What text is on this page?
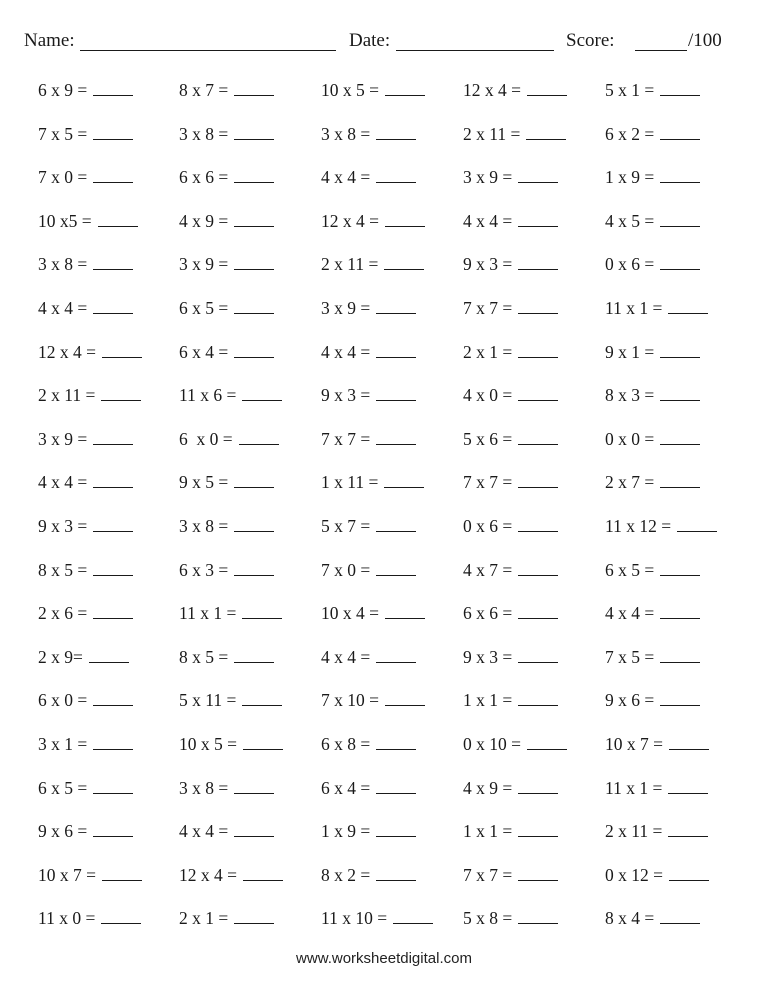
Name:	Date:	Score:	/100
6 x 9 =	8 x 7 =	10 x 5 =	12 x 4 =	5 x 1 =
7 x 5 =	3 x 8 =	3 x 8 =	2 x 11 =	6 x 2 =
7 x 0 =	6 x 6 =	4 x 4 =	3 x 9 =	1 x 9 =
10 x5 =	4 x 9 =	12 x 4 =	4 x 4 =	4 x 5 =
3 x 8 =	3 x 9 =	2 x 11 =	9 x 3 =	0 x 6 =
4 x 4 =	6 x 5 =	3 x 9 =	7 x 7 =	11 x 1 =
12 x 4 =	6 x 4 =	4 x 4 =	2 x 1 =	9 x 1 =
2 x 11 =	11 x 6 =	9 x 3 =	4 x 0 =	8 x 3 =
3 x 9 =	6  x 0 =	7 x 7 =	5 x 6 =	0 x 0 =
4 x 4 =	9 x 5 =	1 x 11 =	7 x 7 =	2 x 7 =
9 x 3 =	3 x 8 =	5 x 7 =	0 x 6 =	11 x 12 =
8 x 5 =	6 x 3 =	7 x 0 =	4 x 7 =	6 x 5 =
2 x 6 =	11 x 1 =	10 x 4 =	6 x 6 =	4 x 4 =
2 x 9=	8 x 5 =	4 x 4 =	9 x 3 =	7 x 5 =
6 x 0 =	5 x 11 =	7 x 10 =	1 x 1 =	9 x 6 =
3 x 1 =	10 x 5 =	6 x 8 =	0 x 10 =	10 x 7 =
6 x 5 =	3 x 8 =	6 x 4 =	4 x 9 =	11 x 1 =
9 x 6 =	4 x 4 =	1 x 9 =	1 x 1 =	2 x 11 =
10 x 7 =	12 x 4 =	8 x 2 =	7 x 7 =	0 x 12 =
11 x 0 =	2 x 1 =	11 x 10 =	5 x 8 =	8 x 4 =
www.worksheetdigital.com
